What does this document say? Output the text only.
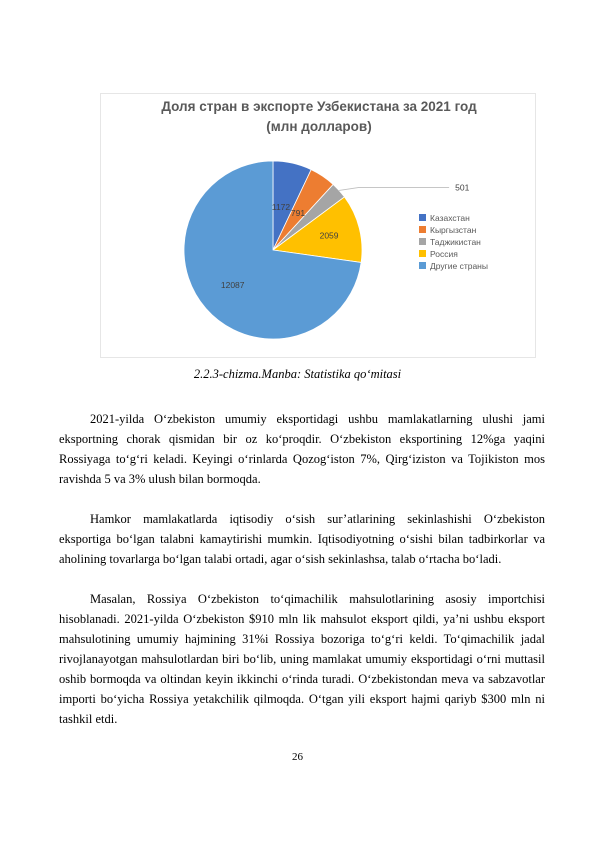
Доля стран в экспорте Узбекистана за 2021 год
(млн долларов)
1172
791
501
2059
12087
Казахстан
Кыргызстан
Таджикистан
Россия
Другие страны
2.2.3-chizma.Manba: Statistika qo‘mitasi

2021-yilda O‘zbekiston umumiy eksportidagi ushbu mamlakatlarning ulushi jami eksportning chorak qismidan bir oz ko‘proqdir. O‘zbekiston eksportining 12%ga yaqini Rossiyaga to‘g‘ri keladi. Keyingi o‘rinlarda Qozog‘iston 7%, Qirg‘iziston va Tojikiston mos ravishda 5 va 3% ulush bilan bormoqda.

Hamkor mamlakatlarda iqtisodiy o‘sish sur’atlarining sekinlashishi O‘zbekiston eksportiga bo‘lgan talabni kamaytirishi mumkin. Iqtisodiyotning o‘sishi bilan tadbirkorlar va aholining tovarlarga bo‘lgan talabi ortadi, agar o‘sish sekinlashsa, talab o‘rtacha bo‘ladi.

Masalan, Rossiya O‘zbekiston to‘qimachilik mahsulotlarining asosiy importchisi hisoblanadi. 2021-yilda O‘zbekiston $910 mln lik mahsulot eksport qildi, ya’ni ushbu eksport mahsulotining umumiy hajmining 31%i Rossiya bozoriga to‘g‘ri keldi. To‘qimachilik jadal rivojlanayotgan mahsulotlardan biri bo‘lib, uning mamlakat umumiy eksportidagi o‘rni muttasil oshib bormoqda va oltindan keyin ikkinchi o‘rinda turadi. O‘zbekistondan meva va sabzavotlar importi bo‘yicha Rossiya yetakchilik qilmoqda. O‘tgan yili eksport hajmi qariyb $300 mln ni tashkil etdi.

26
